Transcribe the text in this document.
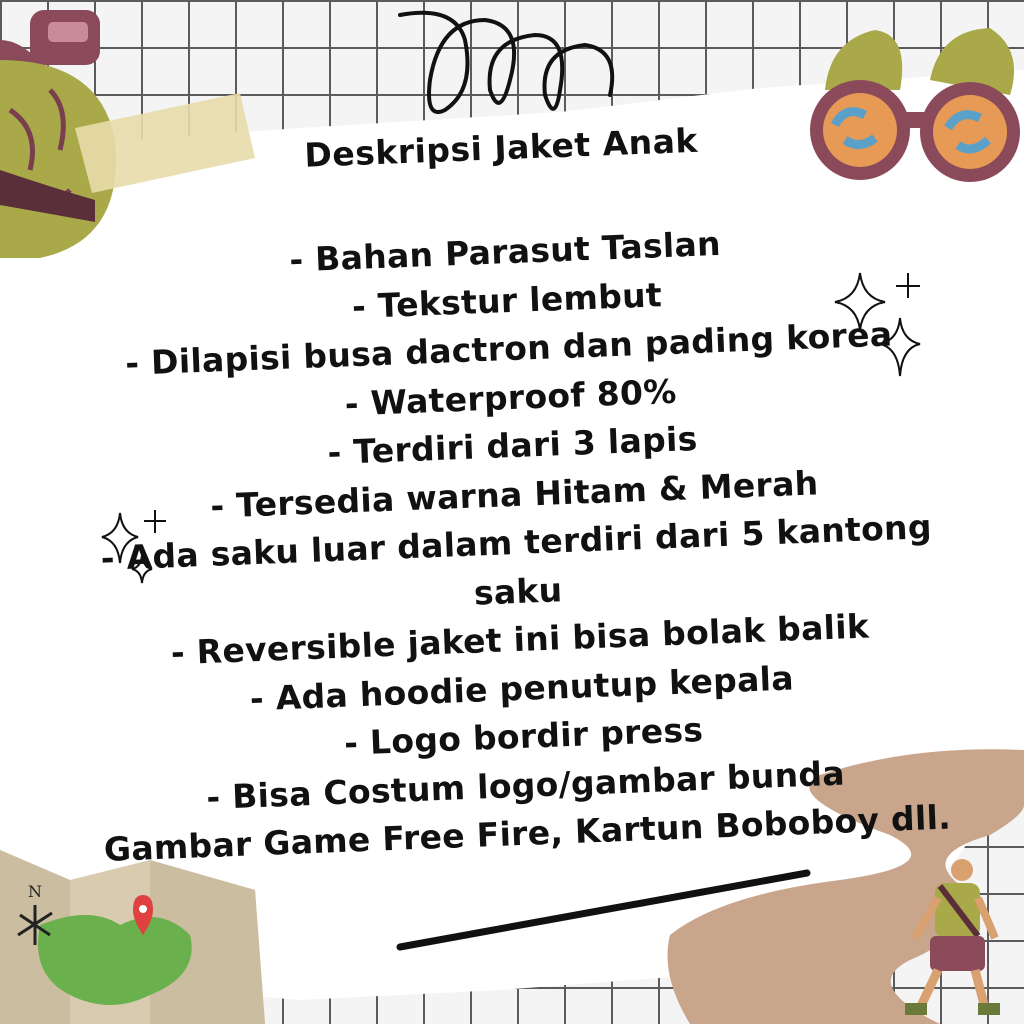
N
Deskripsi Jaket Anak
- Bahan Parasut Taslan
- Tekstur lembut
- Dilapisi busa dactron dan pading korea
- Waterproof 80%
- Terdiri dari 3 lapis
- Tersedia warna Hitam & Merah
- Ada saku luar dalam terdiri dari 5 kantong
saku
- Reversible jaket ini bisa bolak balik
- Ada hoodie penutup kepala
- Logo bordir press
- Bisa Costum logo/gambar bunda
Gambar Game Free Fire, Kartun Boboboy dll.
